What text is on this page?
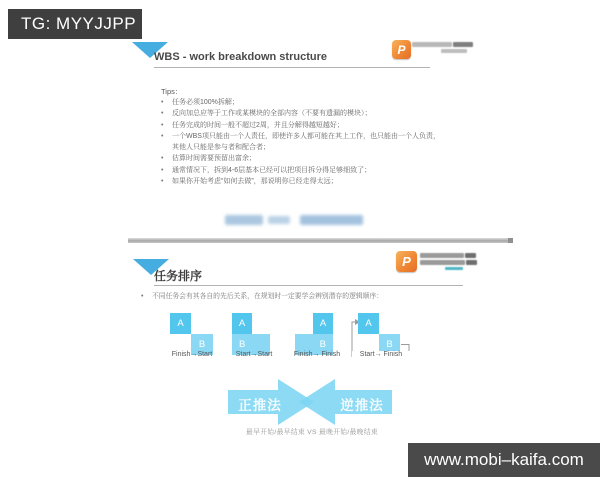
WBS - work breakdown structure
P
Tips：
•	任务必须100%拆解；
•	反向加总应等于工作或某模块的全部内容（不要有遗漏的模块）；
•	任务完成的时间一般不超过2周，并且分解得越短越好；
•	一个WBS项只能由一个人责任，即使许多人都可能在其上工作，也只能由一个人负责，其他人只能是参与者和配合者；
•	估算时间需要预留出富余；
•	通常情况下，拆到4-6层基本已经可以把项目拆分得足够细致了；
•	如果你开始考虑“如何去做”，那说明你已经走得太远；
任务排序
P
•	不同任务会有其各自的先后关系，在规划时一定要学会辨别潜存的逻辑顺序：
A
B
Finish→Start
A
B
Start→Start
A
B
Finish→ Finish
A
B
Start→ Finish
正推法	逆推法
最早开始/最早结束 VS 最晚开始/最晚结束
TG: MYYJJPP
www.mobi–kaifa.com
